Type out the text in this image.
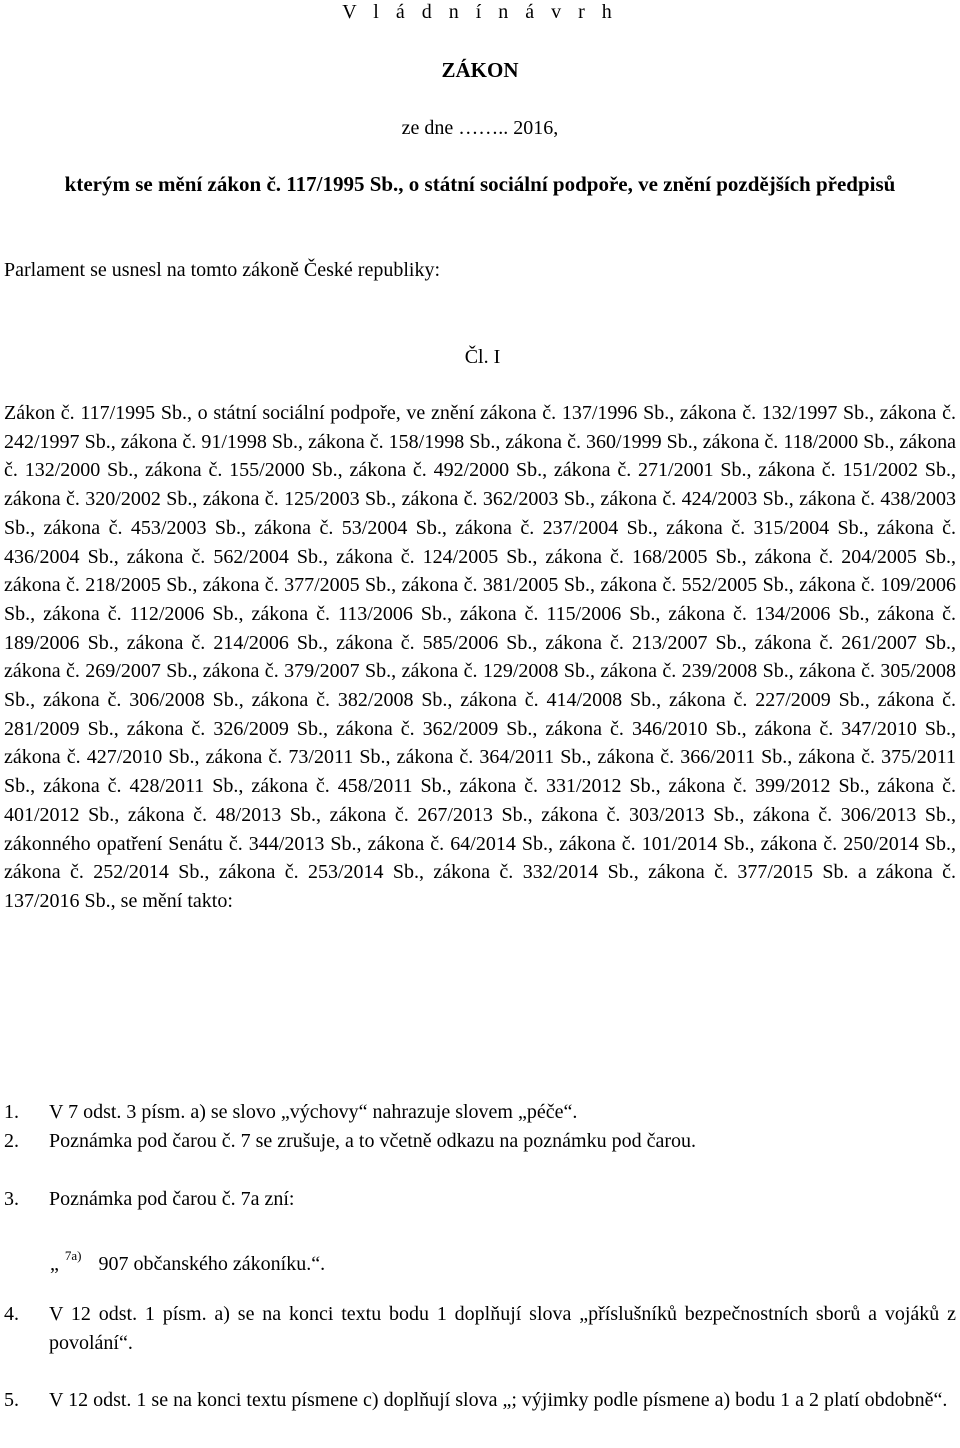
V l á d n í n á v r h
ZÁKON
ze dne …….. 2016,
kterým se mění zákon č. 117/1995 Sb., o státní sociální podpoře, ve znění pozdějších předpisů
Parlament se usnesl na tomto zákoně České republiky:
Čl. I
Zákon č. 117/1995 Sb., o státní sociální podpoře, ve znění zákona č. 137/1996 Sb., zákona č. 132/1997 Sb., zákona č. 242/1997 Sb., zákona č. 91/1998 Sb., zákona č. 158/1998 Sb., zákona č. 360/1999 Sb., zákona č. 118/2000 Sb., zákona č. 132/2000 Sb., zákona č. 155/2000 Sb., zákona č. 492/2000 Sb., zákona č. 271/2001 Sb., zákona č. 151/2002 Sb., zákona č. 320/2002 Sb., zákona č. 125/2003 Sb., zákona č. 362/2003 Sb., zákona č. 424/2003 Sb., zákona č. 438/2003 Sb., zákona č. 453/2003 Sb., zákona č. 53/2004 Sb., zákona č. 237/2004 Sb., zákona č. 315/2004 Sb., zákona č. 436/2004 Sb., zákona č. 562/2004 Sb., zákona č. 124/2005 Sb., zákona č. 168/2005 Sb., zákona č. 204/2005 Sb., zákona č. 218/2005 Sb., zákona č. 377/2005 Sb., zákona č. 381/2005 Sb., zákona č. 552/2005 Sb., zákona č. 109/2006 Sb., zákona č. 112/2006 Sb., zákona č. 113/2006 Sb., zákona č. 115/2006 Sb., zákona č. 134/2006 Sb., zákona č. 189/2006 Sb., zákona č. 214/2006 Sb., zákona č. 585/2006 Sb., zákona č. 213/2007 Sb., zákona č. 261/2007 Sb., zákona č. 269/2007 Sb., zákona č. 379/2007 Sb., zákona č. 129/2008 Sb., zákona č. 239/2008 Sb., zákona č. 305/2008 Sb., zákona č. 306/2008 Sb., zákona č. 382/2008 Sb., zákona č. 414/2008 Sb., zákona č. 227/2009 Sb., zákona č. 281/2009 Sb., zákona č. 326/2009 Sb., zákona č. 362/2009 Sb., zákona č. 346/2010 Sb., zákona č. 347/2010 Sb., zákona č. 427/2010 Sb., zákona č. 73/2011 Sb., zákona č. 364/2011 Sb., zákona č. 366/2011 Sb., zákona č. 375/2011 Sb., zákona č. 428/2011 Sb., zákona č. 458/2011 Sb., zákona č. 331/2012 Sb., zákona č. 399/2012 Sb., zákona č. 401/2012 Sb., zákona č. 48/2013 Sb., zákona č. 267/2013 Sb., zákona č. 303/2013 Sb., zákona č. 306/2013 Sb., zákonného opatření Senátu č. 344/2013 Sb., zákona č. 64/2014 Sb., zákona č. 101/2014 Sb., zákona č. 250/2014 Sb., zákona č. 252/2014 Sb., zákona č. 253/2014 Sb., zákona č. 332/2014 Sb., zákona č. 377/2015 Sb. a zákona č. 137/2016 Sb., se mění takto:
1. V 7 odst. 3 písm. a) se slovo „výchovy“ nahrazuje slovem „péče“.
2. Poznámka pod čarou č. 7 se zrušuje, a to včetně odkazu na poznámku pod čarou.
3. Poznámka pod čarou č. 7a zní:
„ $^{7a)}$ 907 občanského zákoníku.“.
4. V 12 odst. 1 písm. a) se na konci textu bodu 1 doplňují slova „příslušníků bezpečnostních sborů a vojáků z povolání“.
5. V 12 odst. 1 se na konci textu písmene c) doplňují slova „; výjimky podle písmene a) bodu 1 a 2 platí obdobně“.
